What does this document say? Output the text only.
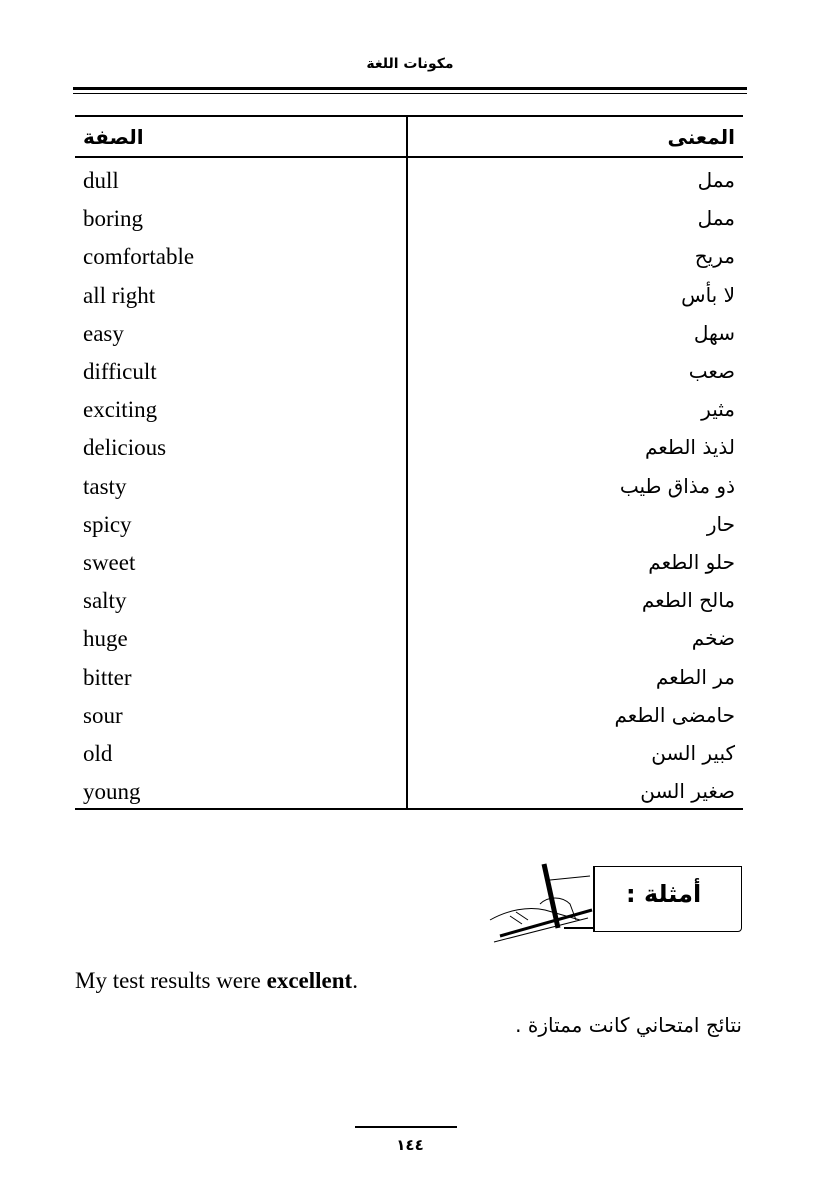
مكونات اللغة
الصفة	المعنى
dull	ممل
boring	ممل
comfortable	مريح
all right	لا بأس
easy	سهل
difficult	صعب
exciting	مثير
delicious	لذيذ الطعم
tasty	ذو مذاق طيب
spicy	حار
sweet	حلو الطعم
salty	مالح الطعم
huge	ضخم
bitter	مر الطعم
sour	حامضى الطعم
old	كبير السن
young	صغير السن
أمثلة :
My test results were excellent.
نتائج امتحاني كانت ممتازة .
١٤٤
